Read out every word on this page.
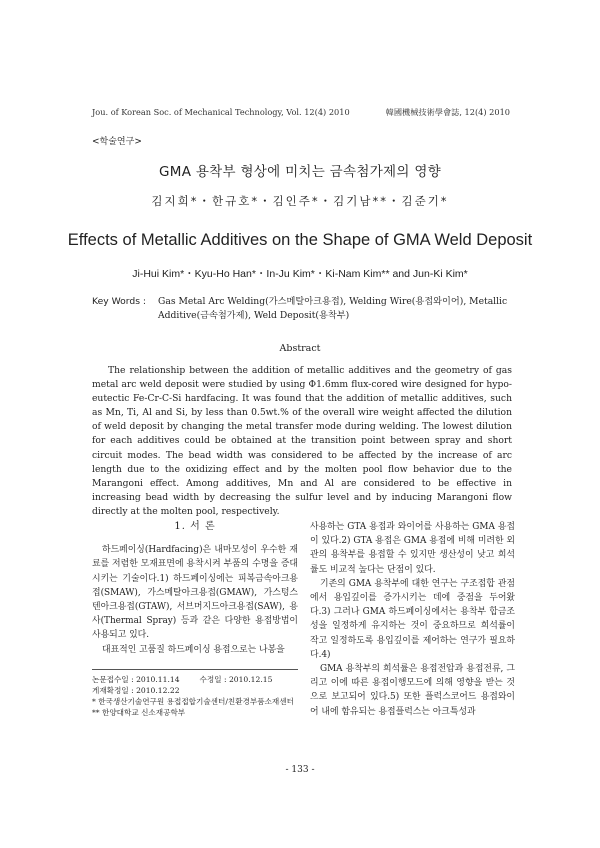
Jou. of Korean Soc. of Mechanical Technology, Vol. 12(4) 2010	韓國機械技術學會誌, 12(4) 2010
<학술연구>
GMA 용착부 형상에 미치는 금속첨가제의 영향
김지희*・한규호*・김인주*・김기남**・김준기*
Effects of Metallic Additives on the Shape of GMA Weld Deposit
Ji-Hui Kim*・Kyu-Ho Han*・In-Ju Kim*・Ki-Nam Kim** and Jun-Ki Kim*
Key Words : Gas Metal Arc Welding(가스메탈아크용접), Welding Wire(용접와이어), Metallic
Additive(금속첨가제), Weld Deposit(용착부)
Abstract
The relationship between the addition of metallic additives and the geometry of gas metal arc weld deposit were studied by using Φ1.6mm flux-cored wire designed for hypo-eutectic Fe-Cr-C-Si hardfacing. It was found that the addition of metallic additives, such as Mn, Ti, Al and Si, by less than 0.5wt.% of the overall wire weight affected the dilution of weld deposit by changing the metal transfer mode during welding. The lowest dilution for each additives could be obtained at the transition point between spray and short circuit modes. The bead width was considered to be affected by the increase of arc length due to the oxidizing effect and by the molten pool flow behavior due to the Marangoni effect. Among additives, Mn and Al are considered to be effective in increasing bead width by decreasing the sulfur level and by inducing Marangoni flow directly at the molten pool, respectively.
1. 서 론

하드페이싱(Hardfacing)은 내마모성이 우수한 재료를 저렴한 모재표면에 용착시켜 부품의 수명을 증대시키는 기술이다.1) 하드페이싱에는 피복금속아크용접(SMAW), 가스메탈아크용접(GMAW), 가스텅스텐아크용접(GTAW), 서브머지드아크용접(SAW), 용사(Thermal Spray) 등과 같은 다양한 용접방법이 사용되고 있다.

대표적인 고품질 하드페이싱 용접으로는 나봉을

사용하는 GTA 용접과 와이어를 사용하는 GMA 용접이 있다.2) GTA 용접은 GMA 용접에 비해 미려한 외관의 용착부를 용접할 수 있지만 생산성이 낮고 희석률도 비교적 높다는 단점이 있다.

기존의 GMA 용착부에 대한 연구는 구조접합 관점에서 용입깊이를 증가시키는 데에 중점을 두어왔다.3) 그러나 GMA 하드페이싱에서는 용착부 합금조성을 일정하게 유지하는 것이 중요하므로 희석률이 작고 일정하도록 용입깊이를 제어하는 연구가 필요하다.4)

GMA 용착부의 희석률은 용접전압과 용접전류, 그리고 이에 따른 용접이행모드에 의해 영향을 받는 것으로 보고되어 있다.5) 또한 플럭스코어드 용접와이어 내에 함유되는 용접플럭스는 아크특성과

논문접수일 : 2010.11.14	수정일 : 2010.12.15
게재확정일 : 2010.12.22
* 한국생산기술연구원 용접접합기술센터/친환경부품소재센터
** 한양대학교 신소재공학부
- 133 -
